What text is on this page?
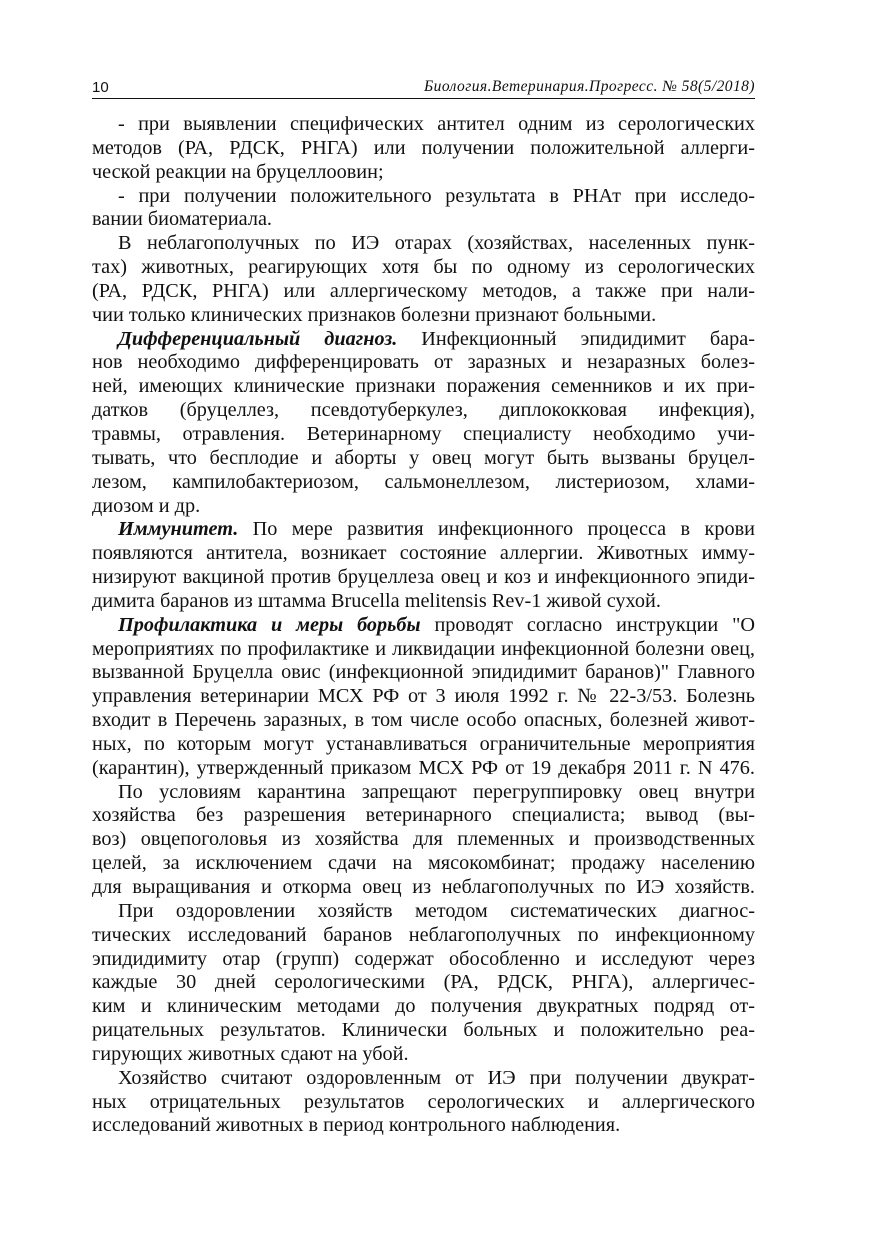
10	Биология.Ветеринария.Прогресс. № 58(5/2018)
- при выявлении специфических антител одним из серологических
методов (РА, РДСК, РНГА) или получении положительной аллерги-
ческой реакции на бруцеллоовин;
- при получении положительного результата в РНАт при исследо-
вании биоматериала.
В неблагополучных по ИЭ отарах (хозяйствах, населенных пунк-
тах) животных, реагирующих хотя бы по одному из серологических
(РА, РДСК, РНГА) или аллергическому методов, а также при нали-
чии только клинических признаков болезни признают больными.
Дифференциальный диагноз. Инфекционный эпидидимит бара-
нов необходимо дифференцировать от заразных и незаразных болез-
ней, имеющих клинические признаки поражения семенников и их при-
датков (бруцеллез, псевдотуберкулез, диплококковая инфекция),
травмы, отравления. Ветеринарному специалисту необходимо учи-
тывать, что бесплодие и аборты у овец могут быть вызваны бруцел-
лезом, кампилобактериозом, сальмонеллезом, листериозом, хлами-
диозом и др.
Иммунитет. По мере развития инфекционного процесса в крови
появляются антитела, возникает состояние аллергии. Животных имму-
низируют вакциной против бруцеллеза овец и коз и инфекционного эпиди-
димита баранов из штамма Brucella melitensis Rev-1 живой сухой.
Профилактика и меры борьбы проводят согласно инструкции "О
мероприятиях по профилактике и ликвидации инфекционной болезни овец,
вызванной Бруцелла овис (инфекционной эпидидимит баранов)" Главного
управления ветеринарии МСХ РФ от 3 июля 1992 г. № 22-3/53. Болезнь
входит в Перечень заразных, в том числе особо опасных, болезней живот-
ных, по которым могут устанавливаться ограничительные мероприятия
(карантин), утвержденный приказом МСХ РФ от 19 декабря 2011 г. N 476.
По условиям карантина запрещают перегруппировку овец внутри
хозяйства без разрешения ветеринарного специалиста; вывод (вы-
воз) овцепоголовья из хозяйства для племенных и производственных
целей, за исключением сдачи на мясокомбинат; продажу населению
для выращивания и откорма овец из неблагополучных по ИЭ хозяйств.
При оздоровлении хозяйств методом систематических диагнос-
тических исследований баранов неблагополучных по инфекционному
эпидидимиту отар (групп) содержат обособленно и исследуют через
каждые 30 дней серологическими (РА, РДСК, РНГА), аллергичес-
ким и клиническим методами до получения двукратных подряд от-
рицательных результатов. Клинически больных и положительно реа-
гирующих животных сдают на убой.
Хозяйство считают оздоровленным от ИЭ при получении двукрат-
ных отрицательных результатов серологических и аллергического
исследований животных в период контрольного наблюдения.
